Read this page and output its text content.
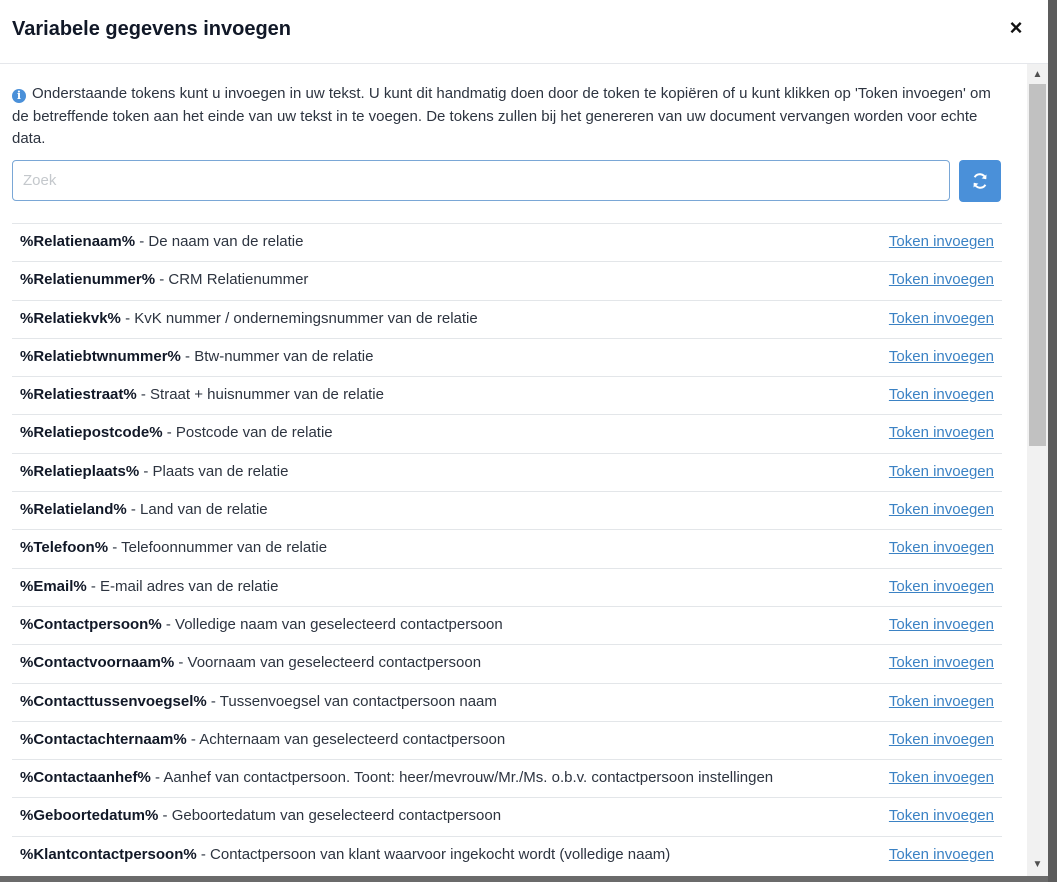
Variabele gegevens invoegen	×
i Onderstaande tokens kunt u invoegen in uw tekst. U kunt dit handmatig doen door de token te kopiëren of u kunt klikken op 'Token invoegen' om de betreffende token aan het einde van uw tekst in te voegen. De tokens zullen bij het genereren van uw document vervangen worden voor echte data.
Zoek
%Relatienaam% - De naam van de relatie	Token invoegen
%Relatienummer% - CRM Relatienummer	Token invoegen
%Relatiekvk% - KvK nummer / ondernemingsnummer van de relatie	Token invoegen
%Relatiebtwnummer% - Btw-nummer van de relatie	Token invoegen
%Relatiestraat% - Straat + huisnummer van de relatie	Token invoegen
%Relatiepostcode% - Postcode van de relatie	Token invoegen
%Relatieplaats% - Plaats van de relatie	Token invoegen
%Relatieland% - Land van de relatie	Token invoegen
%Telefoon% - Telefoonnummer van de relatie	Token invoegen
%Email% - E-mail adres van de relatie	Token invoegen
%Contactpersoon% - Volledige naam van geselecteerd contactpersoon	Token invoegen
%Contactvoornaam% - Voornaam van geselecteerd contactpersoon	Token invoegen
%Contacttussenvoegsel% - Tussenvoegsel van contactpersoon naam	Token invoegen
%Contactachternaam% - Achternaam van geselecteerd contactpersoon	Token invoegen
%Contactaanhef% - Aanhef van contactpersoon. Toont: heer/mevrouw/Mr./Ms. o.b.v. contactpersoon instellingen	Token invoegen
%Geboortedatum% - Geboortedatum van geselecteerd contactpersoon	Token invoegen
%Klantcontactpersoon% - Contactpersoon van klant waarvoor ingekocht wordt (volledige naam)	Token invoegen
▲
▼
